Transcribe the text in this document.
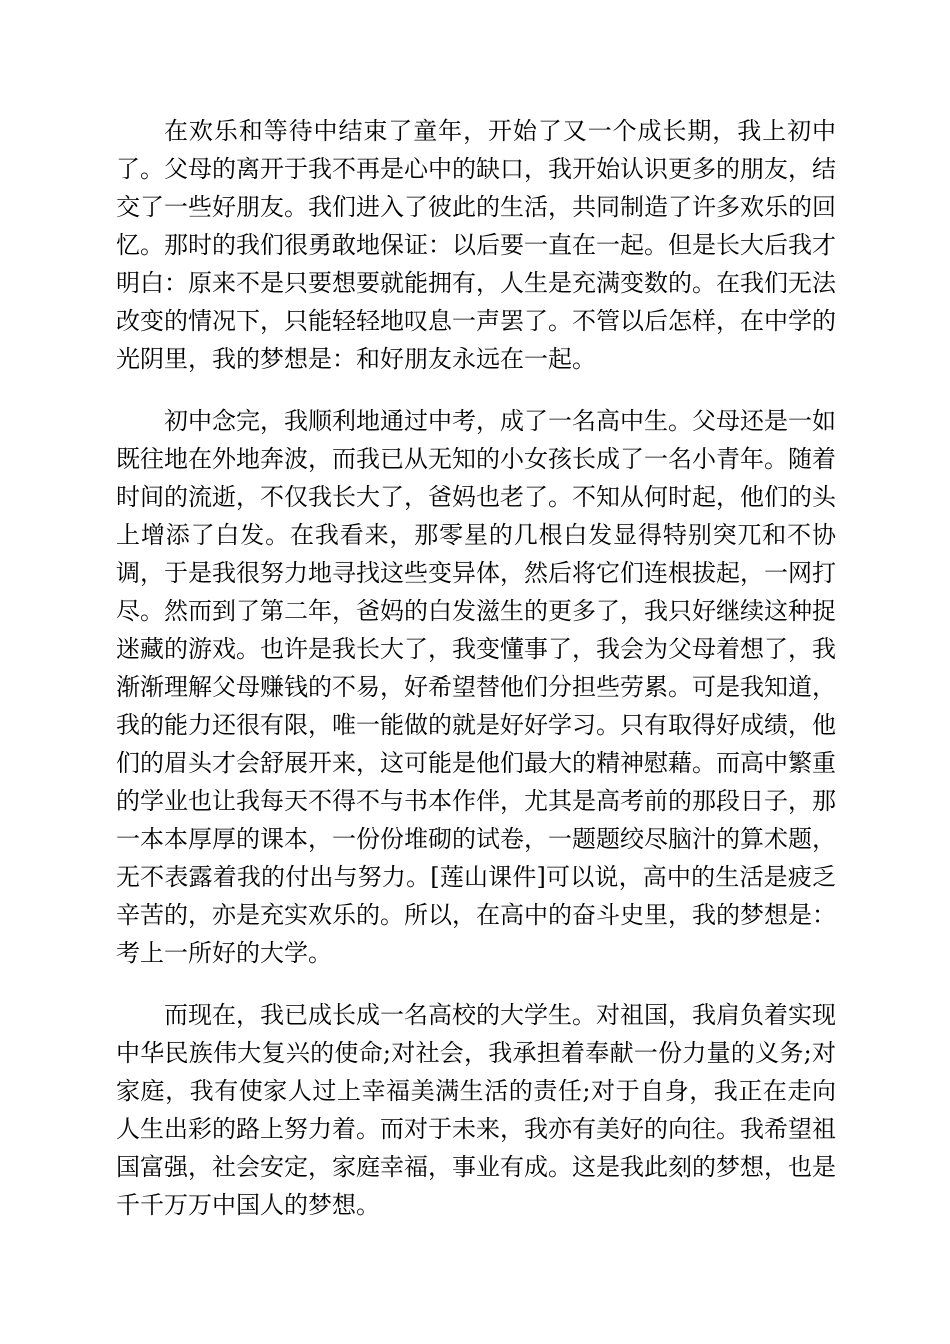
在欢乐和等待中结束了童年，开始了又一个成长期，我上初中了。父母的离开于我不再是心中的缺口，我开始认识更多的朋友，结交了一些好朋友。我们进入了彼此的生活，共同制造了许多欢乐的回忆。那时的我们很勇敢地保证：以后要一直在一起。但是长大后我才明白：原来不是只要想要就能拥有，人生是充满变数的。在我们无法改变的情况下，只能轻轻地叹息一声罢了。不管以后怎样，在中学的光阴里，我的梦想是：和好朋友永远在一起。

初中念完，我顺利地通过中考，成了一名高中生。父母还是一如既往地在外地奔波，而我已从无知的小女孩长成了一名小青年。随着时间的流逝，不仅我长大了，爸妈也老了。不知从何时起，他们的头上增添了白发。在我看来，那零星的几根白发显得特别突兀和不协调，于是我很努力地寻找这些变异体，然后将它们连根拔起，一网打尽。然而到了第二年，爸妈的白发滋生的更多了，我只好继续这种捉迷藏的游戏。也许是我长大了，我变懂事了，我会为父母着想了，我渐渐理解父母赚钱的不易，好希望替他们分担些劳累。可是我知道，我的能力还很有限，唯一能做的就是好好学习。只有取得好成绩，他们的眉头才会舒展开来，这可能是他们最大的精神慰藉。而高中繁重的学业也让我每天不得不与书本作伴，尤其是高考前的那段日子，那一本本厚厚的课本，一份份堆砌的试卷，一题题绞尽脑汁的算术题，无不表露着我的付出与努力。[莲山课件]可以说，高中的生活是疲乏辛苦的，亦是充实欢乐的。所以，在高中的奋斗史里，我的梦想是：考上一所好的大学。

而现在，我已成长成一名高校的大学生。对祖国，我肩负着实现中华民族伟大复兴的使命;对社会，我承担着奉献一份力量的义务;对家庭，我有使家人过上幸福美满生活的责任;对于自身，我正在走向人生出彩的路上努力着。而对于未来，我亦有美好的向往。我希望祖国富强，社会安定，家庭幸福，事业有成。这是我此刻的梦想，也是千千万万中国人的梦想。
